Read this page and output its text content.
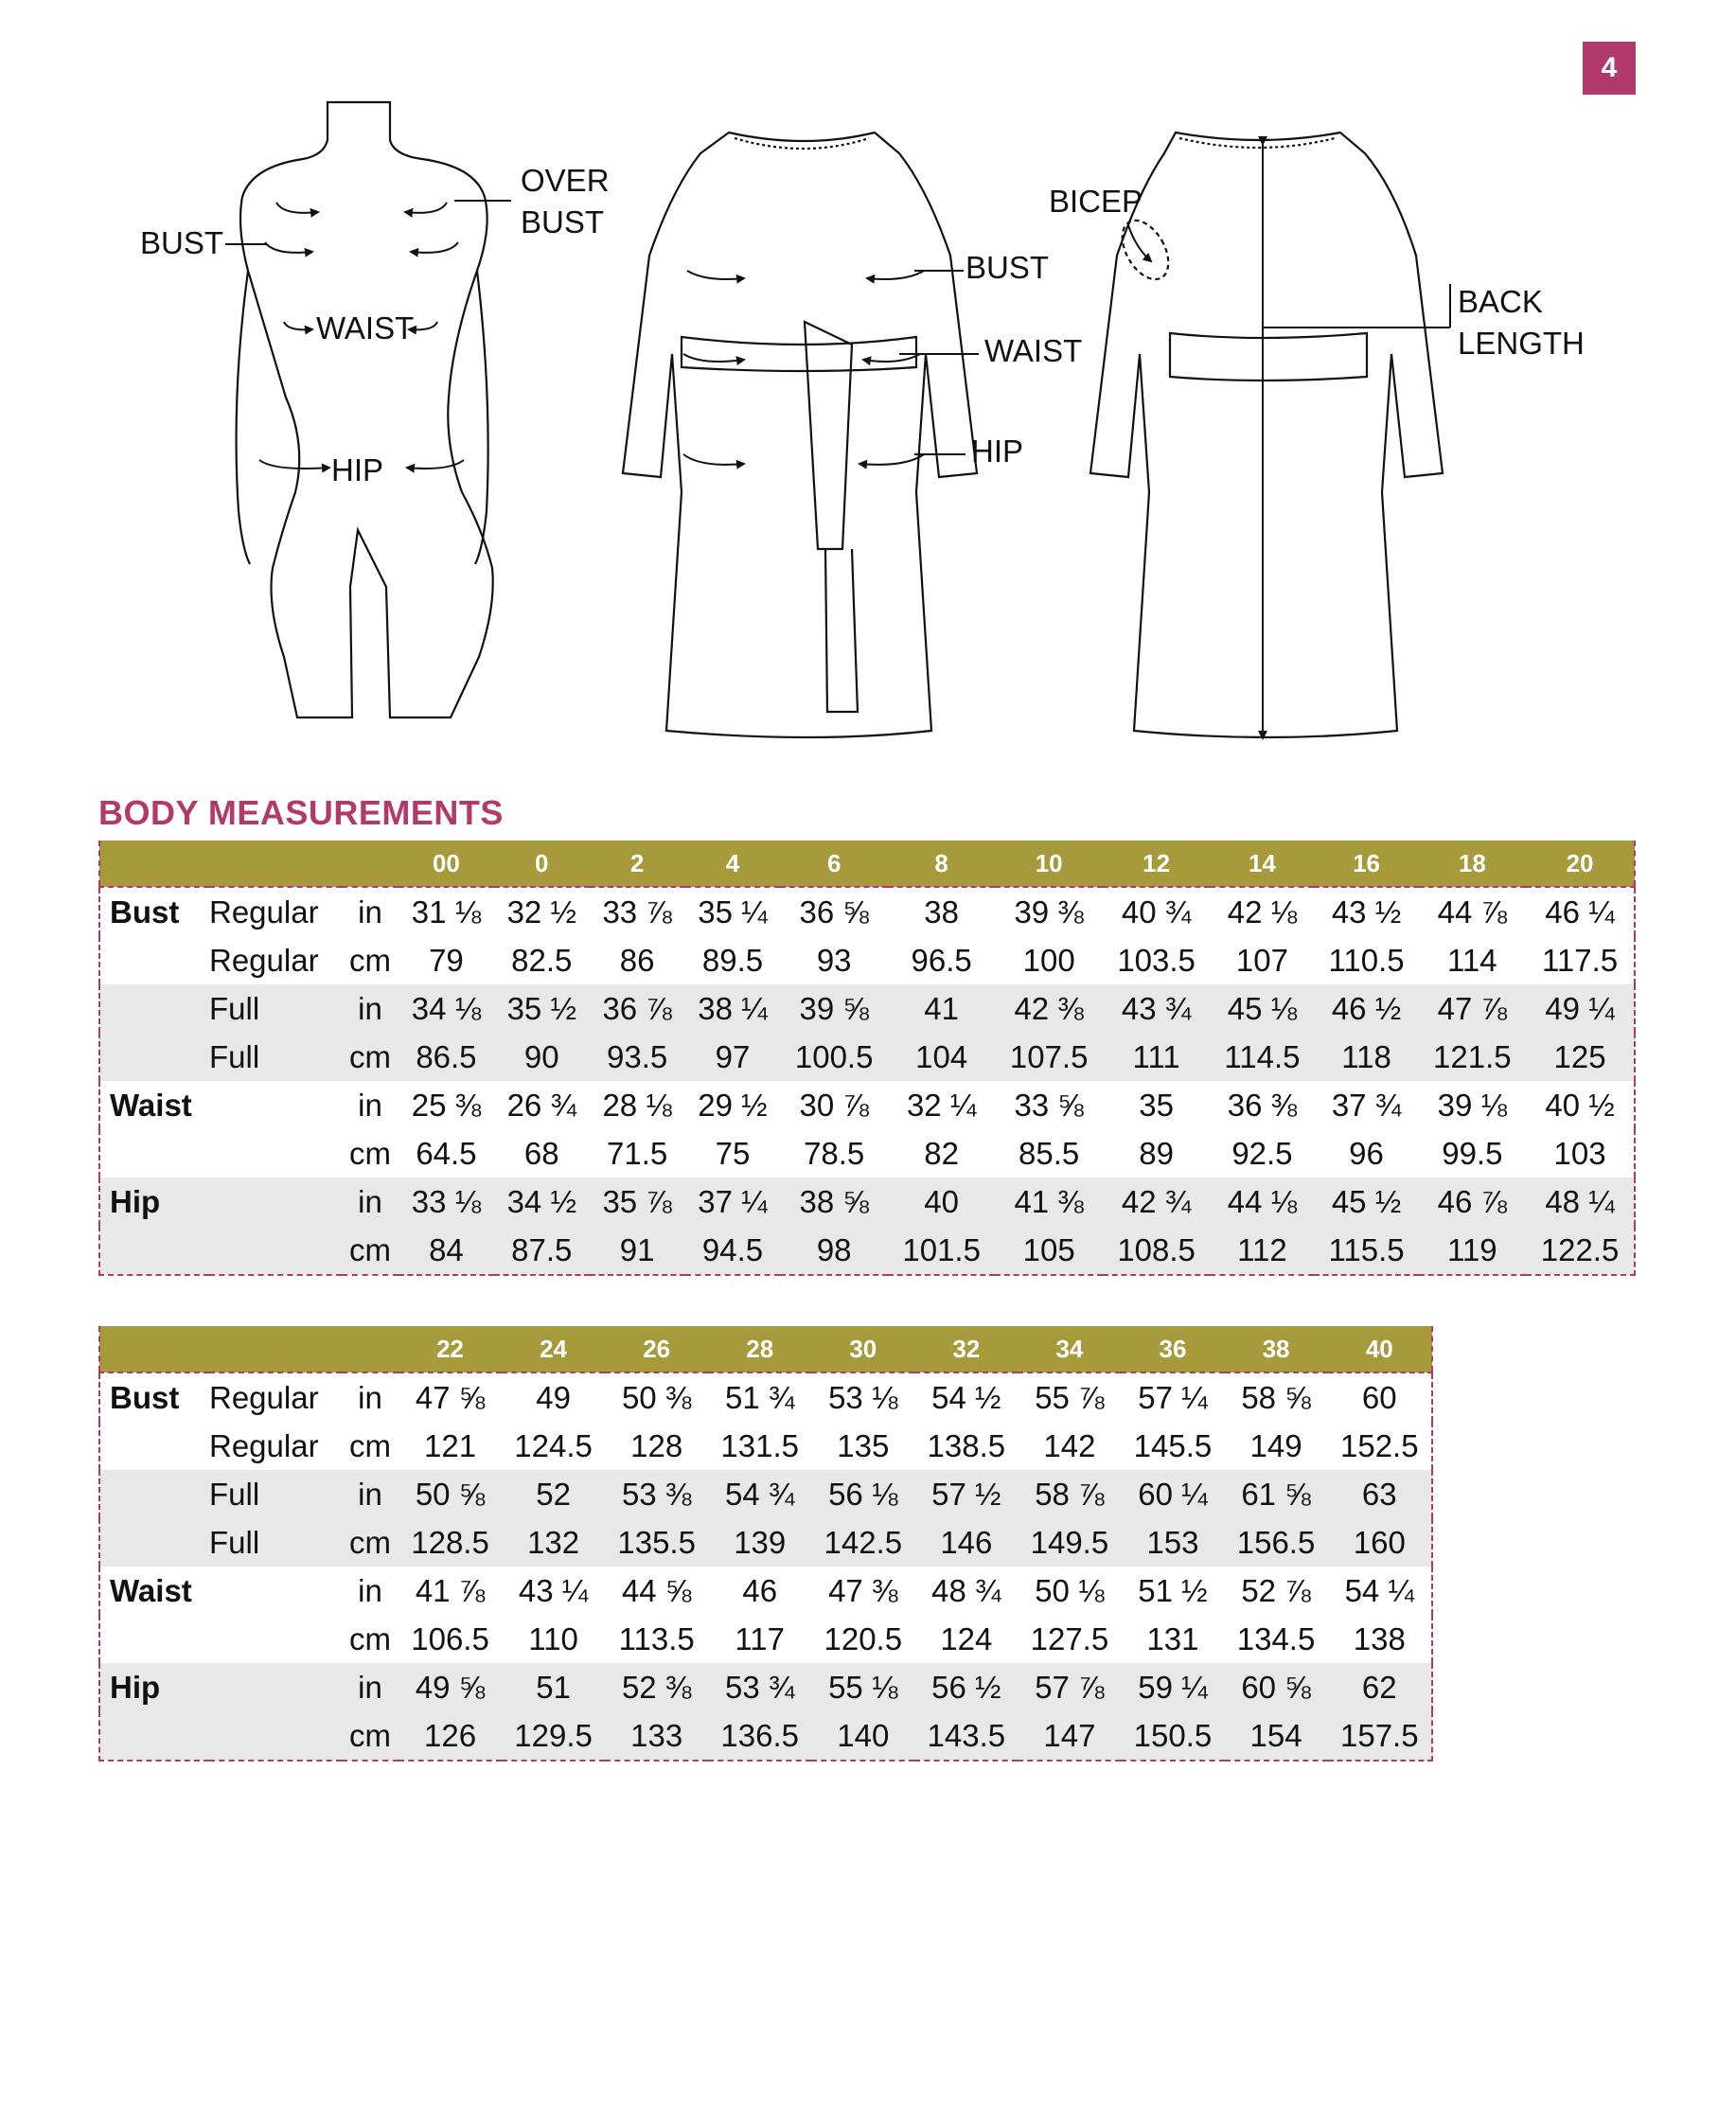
4
BUST
OVER
BUST
WAIST
HIP
BUST
WAIST
HIP
BICEP
BACK
LENGTH
BODY MEASUREMENTS
			00	0	2	4	6	8	10	12	14	16	18	20
Bust	Regular	in	31 ⅛	32 ½	33 ⅞	35 ¼	36 ⅝	38	39 ⅜	40 ¾	42 ⅛	43 ½	44 ⅞	46 ¼
	Regular	cm	79	82.5	86	89.5	93	96.5	100	103.5	107	110.5	114	117.5
	Full	in	34 ⅛	35 ½	36 ⅞	38 ¼	39 ⅝	41	42 ⅜	43 ¾	45 ⅛	46 ½	47 ⅞	49 ¼
	Full	cm	86.5	90	93.5	97	100.5	104	107.5	111	114.5	118	121.5	125
Waist		in	25 ⅜	26 ¾	28 ⅛	29 ½	30 ⅞	32 ¼	33 ⅝	35	36 ⅜	37 ¾	39 ⅛	40 ½
		cm	64.5	68	71.5	75	78.5	82	85.5	89	92.5	96	99.5	103
Hip		in	33 ⅛	34 ½	35 ⅞	37 ¼	38 ⅝	40	41 ⅜	42 ¾	44 ⅛	45 ½	46 ⅞	48 ¼
		cm	84	87.5	91	94.5	98	101.5	105	108.5	112	115.5	119	122.5
			22	24	26	28	30	32	34	36	38	40
Bust	Regular	in	47 ⅝	49	50 ⅜	51 ¾	53 ⅛	54 ½	55 ⅞	57 ¼	58 ⅝	60
	Regular	cm	121	124.5	128	131.5	135	138.5	142	145.5	149	152.5
	Full	in	50 ⅝	52	53 ⅜	54 ¾	56 ⅛	57 ½	58 ⅞	60 ¼	61 ⅝	63
	Full	cm	128.5	132	135.5	139	142.5	146	149.5	153	156.5	160
Waist		in	41 ⅞	43 ¼	44 ⅝	46	47 ⅜	48 ¾	50 ⅛	51 ½	52 ⅞	54 ¼
		cm	106.5	110	113.5	117	120.5	124	127.5	131	134.5	138
Hip		in	49 ⅝	51	52 ⅜	53 ¾	55 ⅛	56 ½	57 ⅞	59 ¼	60 ⅝	62
		cm	126	129.5	133	136.5	140	143.5	147	150.5	154	157.5
